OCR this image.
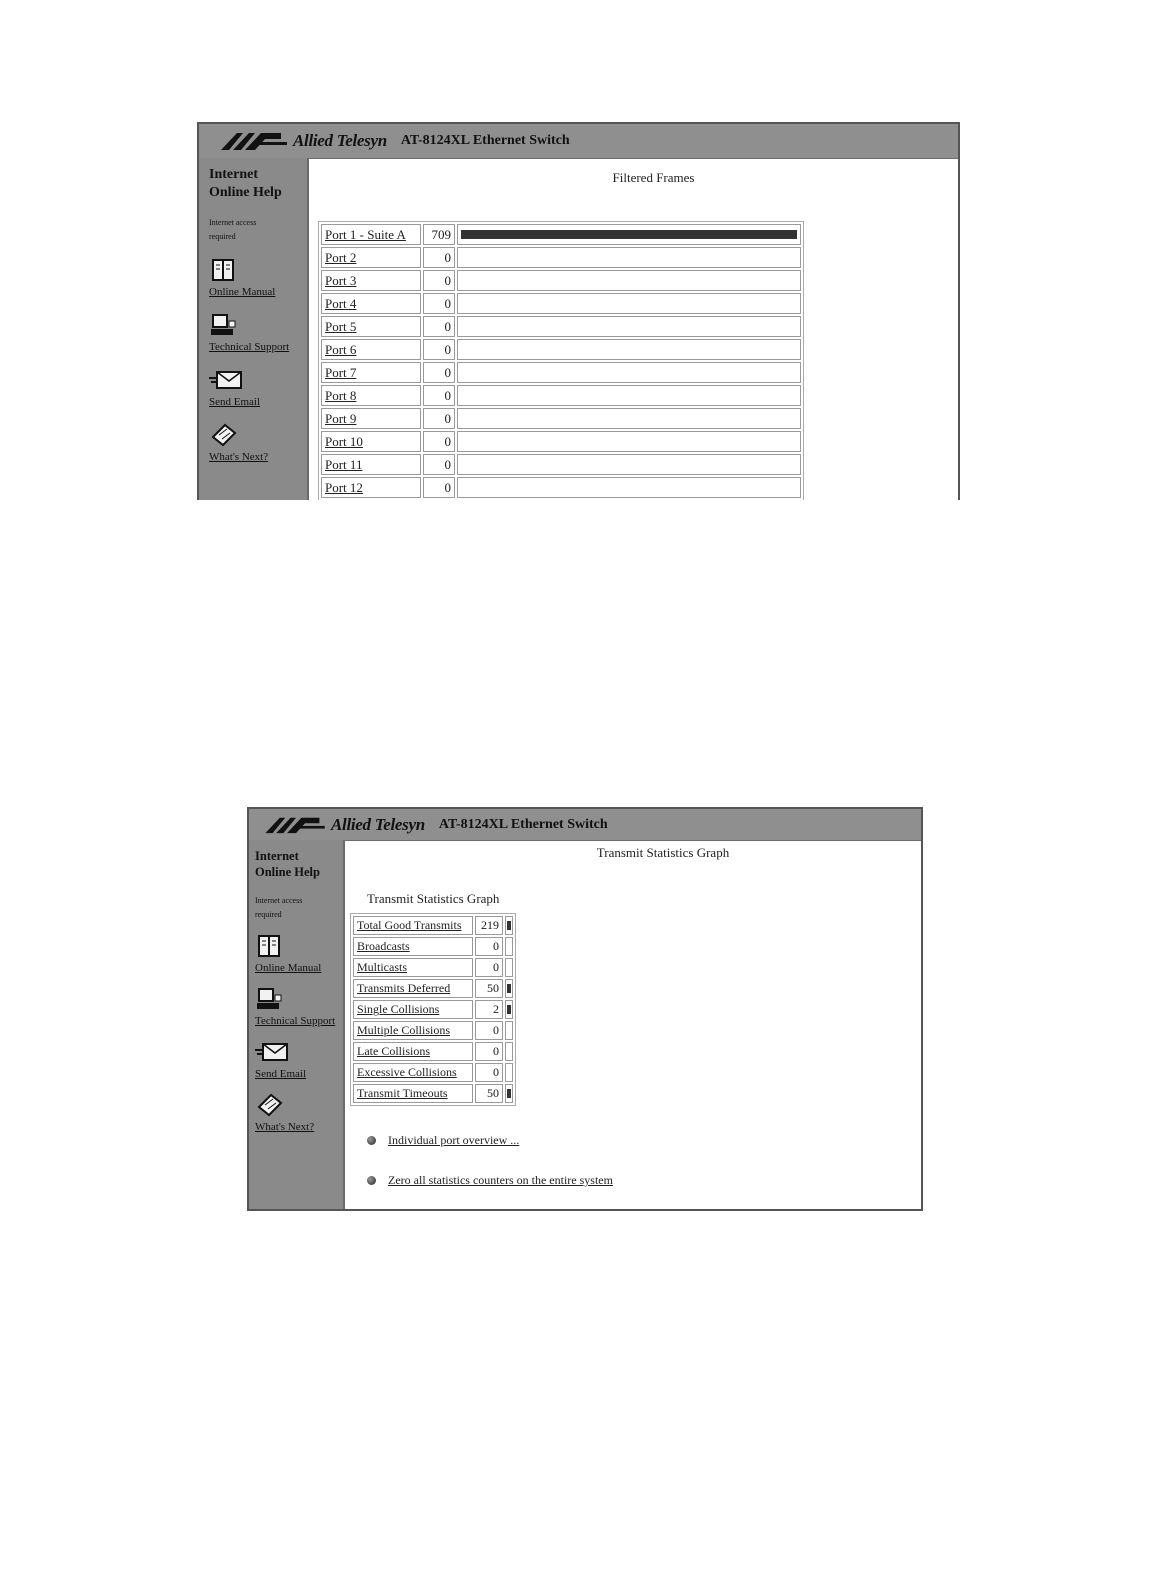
Allied Telesyn AT-8124XL Ethernet Switch
Internet
Online Help
Internet access required
Online Manual
Technical Support
Send Email
What's Next?
Filtered Frames
Port 1 - Suite A	709	

Port 2	0	

Port 3	0	

Port 4	0	

Port 5	0	

Port 6	0	

Port 7	0	

Port 8	0	

Port 9	0	

Port 10	0	

Port 11	0	

Port 12	0	
Allied Telesyn AT-8124XL Ethernet Switch
Internet
Online Help
Internet access required
Online Manual
Technical Support
Send Email
What's Next?
Transmit Statistics Graph
Transmit Statistics Graph
Total Good Transmits	219	

Broadcasts	0	

Multicasts	0	

Transmits Deferred	50	

Single Collisions	2	

Multiple Collisions	0	

Late Collisions	0	

Excessive Collisions	0	

Transmit Timeouts	50	
Individual port overview ...
Zero all statistics counters on the entire system
